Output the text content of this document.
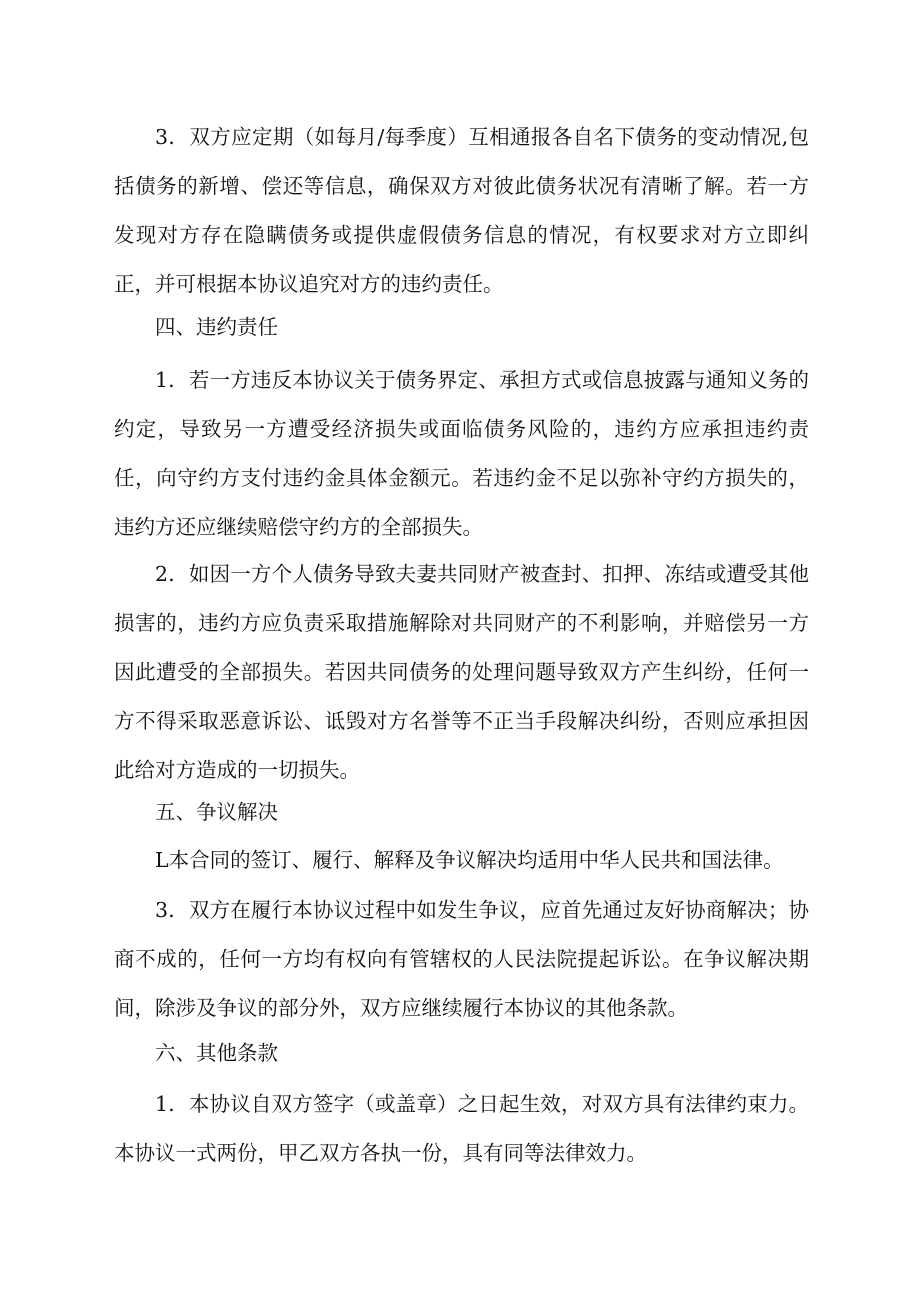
3．双方应定期（如每月/每季度）互相通报各自名下债务的变动情况,包括债务的新增、偿还等信息，确保双方对彼此债务状况有清晰了解。若一方发现对方存在隐瞒债务或提供虚假债务信息的情况，有权要求对方立即纠正，并可根据本协议追究对方的违约责任。

四、违约责任

1．若一方违反本协议关于债务界定、承担方式或信息披露与通知义务的约定，导致另一方遭受经济损失或面临债务风险的，违约方应承担违约责任，向守约方支付违约金具体金额元。若违约金不足以弥补守约方损失的，违约方还应继续赔偿守约方的全部损失。

2．如因一方个人债务导致夫妻共同财产被查封、扣押、冻结或遭受其他损害的，违约方应负责采取措施解除对共同财产的不利影响，并赔偿另一方因此遭受的全部损失。若因共同债务的处理问题导致双方产生纠纷，任何一方不得采取恶意诉讼、诋毁对方名誉等不正当手段解决纠纷，否则应承担因此给对方造成的一切损失。

五、争议解决

L本合同的签订、履行、解释及争议解决均适用中华人民共和国法律。

3．双方在履行本协议过程中如发生争议，应首先通过友好协商解决；协商不成的，任何一方均有权向有管辖权的人民法院提起诉讼。在争议解决期间，除涉及争议的部分外，双方应继续履行本协议的其他条款。

六、其他条款

1．本协议自双方签字（或盖章）之日起生效，对双方具有法律约束力。本协议一式两份，甲乙双方各执一份，具有同等法律效力。
